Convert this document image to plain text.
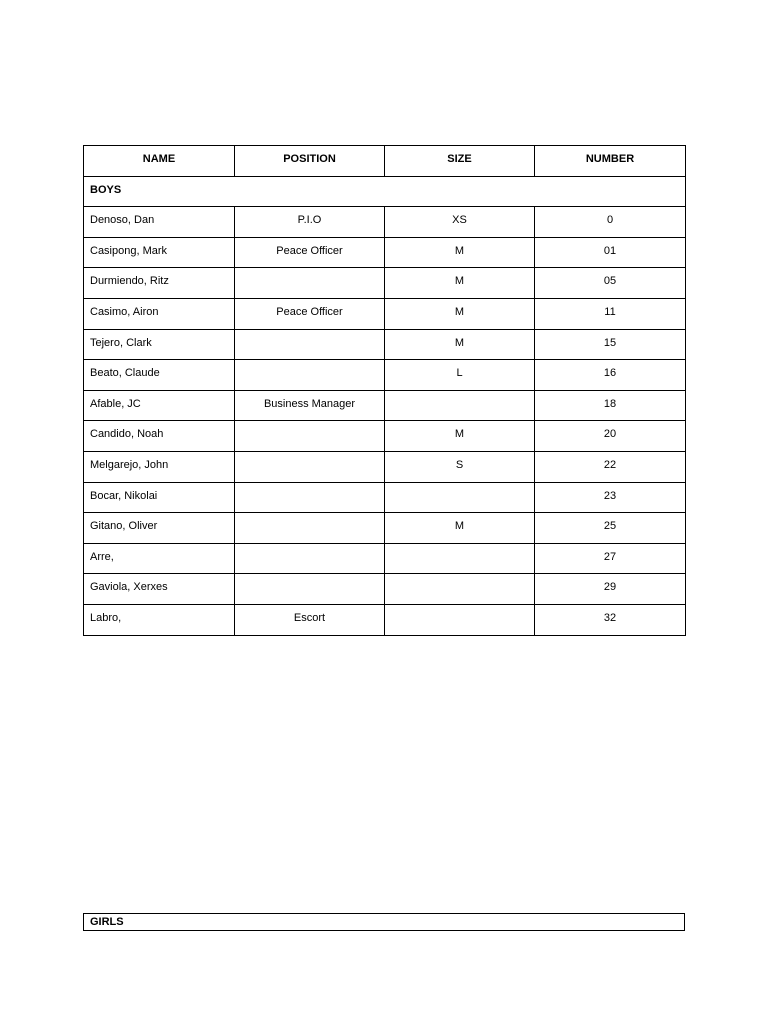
NAME	POSITION	SIZE	NUMBER
BOYS			
Denoso, Dan	P.I.O	XS	0
Casipong, Mark	Peace Officer	M	01
Durmiendo, Ritz		M	05
Casimo, Airon	Peace Officer	M	11
Tejero, Clark		M	15
Beato, Claude		L	16
Afable, JC	Business Manager		18
Candido, Noah		M	20
Melgarejo, John		S	22
Bocar, Nikolai			23
Gitano, Oliver		M	25
Arre,			27
Gaviola, Xerxes			29
Labro,	Escort		32
GIRLS
